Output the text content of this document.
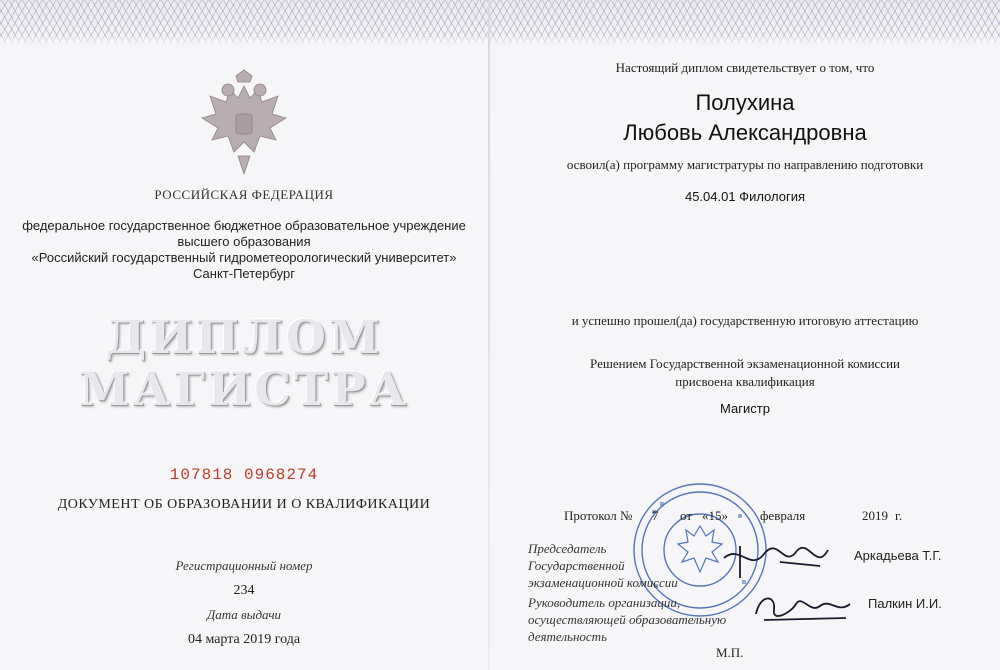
РОССИЙСКАЯ ФЕДЕРАЦИЯ
федеральное государственное бюджетное образовательное учреждение
высшего образования
«Российский государственный гидрометеорологический университет»
Санкт-Петербург
ДИПЛОМ
МАГИСТРА
107818 0968274
ДОКУМЕНТ ОБ ОБРАЗОВАНИИ И О КВАЛИФИКАЦИИ
Регистрационный номер
234
Дата выдачи
04 марта 2019 года
Настоящий диплом свидетельствует о том, что
Полухина
Любовь Александровна
освоил(а) программу магистратуры по направлению подготовки
45.04.01 Филология
и успешно прошел(да) государственную итоговую аттестацию
Решением Государственной экзаменационной комиссии
присвоена квалификация
Магистр
Протокол № 7 от «15» февраля	2019 г.
Председатель
Государственной
экзаменационной комиссии
Аркадьева Т.Г.
Руководитель организации,
осуществляющей образовательную
деятельность
Палкин И.И.
М.П.
